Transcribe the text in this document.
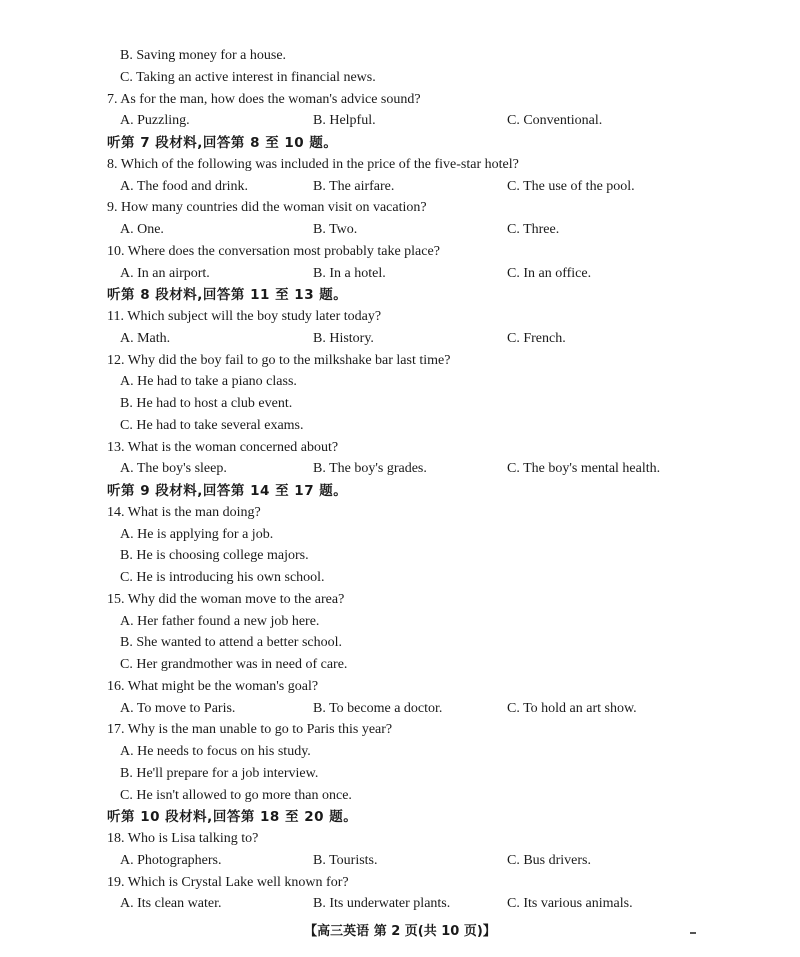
B. Saving money for a house.
C. Taking an active interest in financial news.
7. As for the man, how does the woman's advice sound?
A. Puzzling.	B. Helpful.	C. Conventional.
听第 7 段材料,回答第 8 至 10 题。
8. Which of the following was included in the price of the five-star hotel?
A. The food and drink.	B. The airfare.	C. The use of the pool.
9. How many countries did the woman visit on vacation?
A. One.	B. Two.	C. Three.
10. Where does the conversation most probably take place?
A. In an airport.	B. In a hotel.	C. In an office.
听第 8 段材料,回答第 11 至 13 题。
11. Which subject will the boy study later today?
A. Math.	B. History.	C. French.
12. Why did the boy fail to go to the milkshake bar last time?
A. He had to take a piano class.
B. He had to host a club event.
C. He had to take several exams.
13. What is the woman concerned about?
A. The boy's sleep.	B. The boy's grades.	C. The boy's mental health.
听第 9 段材料,回答第 14 至 17 题。
14. What is the man doing?
A. He is applying for a job.
B. He is choosing college majors.
C. He is introducing his own school.
15. Why did the woman move to the area?
A. Her father found a new job here.
B. She wanted to attend a better school.
C. Her grandmother was in need of care.
16. What might be the woman's goal?
A. To move to Paris.	B. To become a doctor.	C. To hold an art show.
17. Why is the man unable to go to Paris this year?
A. He needs to focus on his study.
B. He'll prepare for a job interview.
C. He isn't allowed to go more than once.
听第 10 段材料,回答第 18 至 20 题。
18. Who is Lisa talking to?
A. Photographers.	B. Tourists.	C. Bus drivers.
19. Which is Crystal Lake well known for?
A. Its clean water.	B. Its underwater plants.	C. Its various animals.
【高三英语 第 2 页(共 10 页)】
